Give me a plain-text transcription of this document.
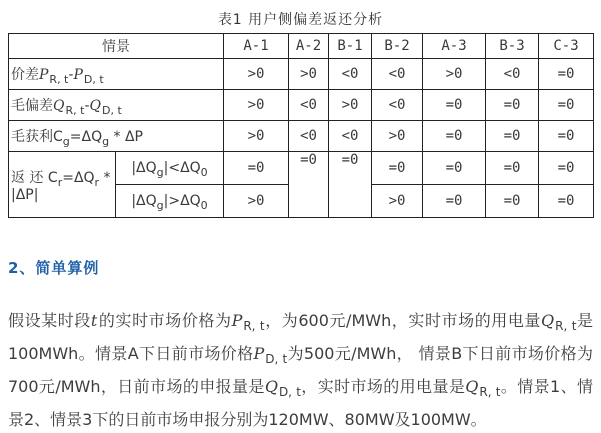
表1 用户侧偏差返还分析
情景		A-1	A-2	B-1	B-2	A-3	B-3	C-3
价差$P_{R, t}-P_{D, t}$		>0	>0	<0	<0	>0	<0	=0
毛偏差$Q_{R, t}-Q_{D, t}$		>0	<0	>0	<0	=0	=0	=0
毛获利$C_g=\Delta Q_g * \Delta P$		>0	<0	<0	>0	=0	=0	=0
返 还 $C_r=\Delta Q_r * |\Delta P|$	$|\Delta Q_g|<\Delta Q_0$	=0	=0	=0	=0	=0	=0	=0
	$|\Delta Q_g|>\Delta Q_0$	>0			>0	=0	=0	=0
2、简单算例

假设某时段t的实时市场价格为$P_{R, t}$，为600元/MWh，实时市场的用电量$Q_{R, t}$是100MWh。情景A下日前市场价格$P_{D, t}$为500元/MWh， 情景B下日前市场价格为700元/MWh，日前市场的申报量是$Q_{D, t}$，实时市场的用电量是$Q_{R, t}$。情景1、情景2、情景3下的日前市场申报分别为120MW、80MW及100MW。
